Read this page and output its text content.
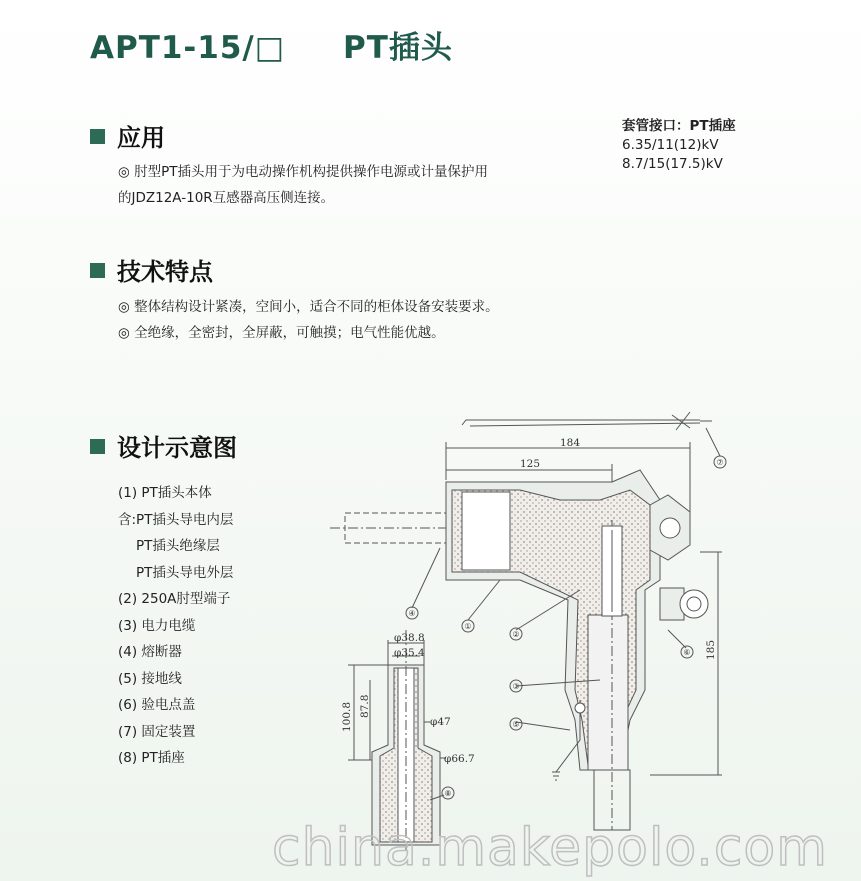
APT1-15/□ PT插头
应用
◎ 肘型PT插头用于为电动操作机构提供操作电源或计量保护用
的JDZ12A-10R互感器高压侧连接。
套管接口：PT插座
6.35/11(12)kV
8.7/15(17.5)kV
技术特点
◎ 整体结构设计紧凑，空间小，适合不同的柜体设备安装要求。
◎ 全绝缘，全密封，全屏蔽，可触摸；电气性能优越。
设计示意图
(1) PT插头本体
含:PT插头导电内层
PT插头绝缘层
PT插头导电外层
(2) 250A肘型端子
(3) 电力电缆
(4) 熔断器
(5) 接地线
(6) 验电点盖
(7) 固定装置
(8) PT插座
184
125
185
φ38.8
φ35.4
100.8 87.8
φ47
φ66.7
①
②
③
④
⑤
⑥
⑦
⑧
china.makepolo.com
